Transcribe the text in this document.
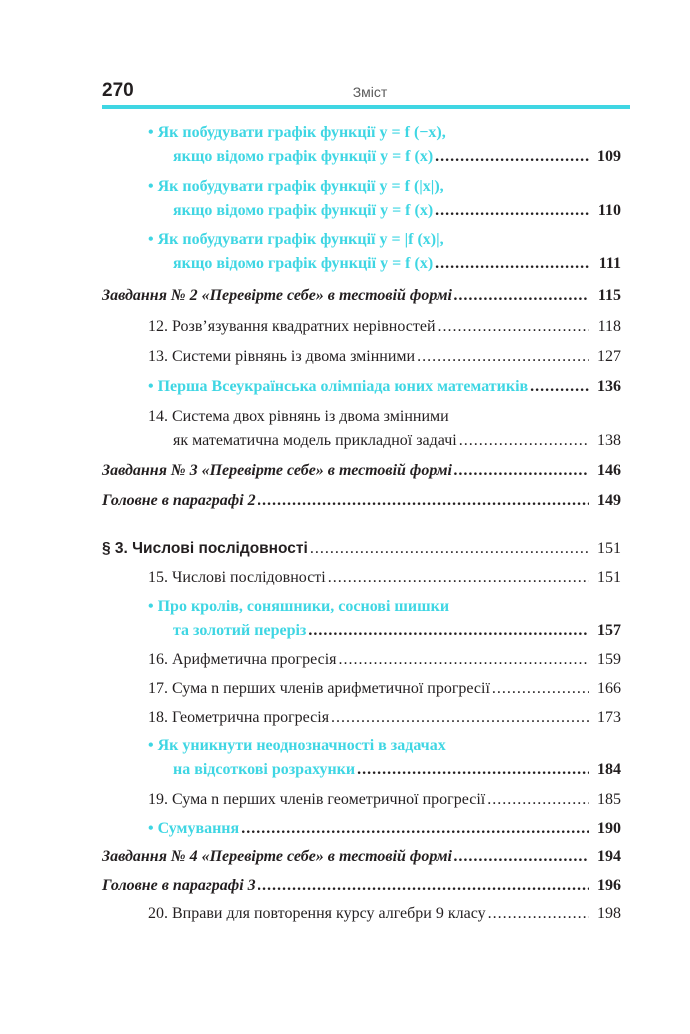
270	Зміст
• Як побудувати графік функції y = f (−x),
якщо відомо графік функції y = f (x) .....	109
• Як побудувати графік функції y = f (|x|),
якщо відомо графік функції y = f (x) .....	110
• Як побудувати графік функції y = |f (x)|,
якщо відомо графік функції y = f (x) .....	111
Завдання № 2 «Перевірте себе» в тестовій формі .....	115
12. Розв’язування квадратних нерівностей .....	118
13. Системи рівнянь із двома змінними .....	127
• Перша Всеукраїнська олімпіада юних математиків .....	136
14. Система двох рівнянь із двома змінними
як математична модель прикладної задачі .....	138
Завдання № 3 «Перевірте себе» в тестовій формі .....	146
Головне в параграфі 2 .....	149
§ 3. Числові послідовності .....	151
15. Числові послідовності .....	151
• Про кролів, соняшники, соснові шишки
та золотий переріз .....	157
16. Арифметична прогресія .....	159
17. Сума n перших членів арифметичної прогресії .....	166
18. Геометрична прогресія .....	173
• Як уникнути неоднозначності в задачах
на відсоткові розрахунки .....	184
19. Сума n перших членів геометричної прогресії .....	185
• Сумування .....	190
Завдання № 4 «Перевірте себе» в тестовій формі .....	194
Головне в параграфі 3 .....	196
20. Вправи для повторення курсу алгебри 9 класу .....	198
